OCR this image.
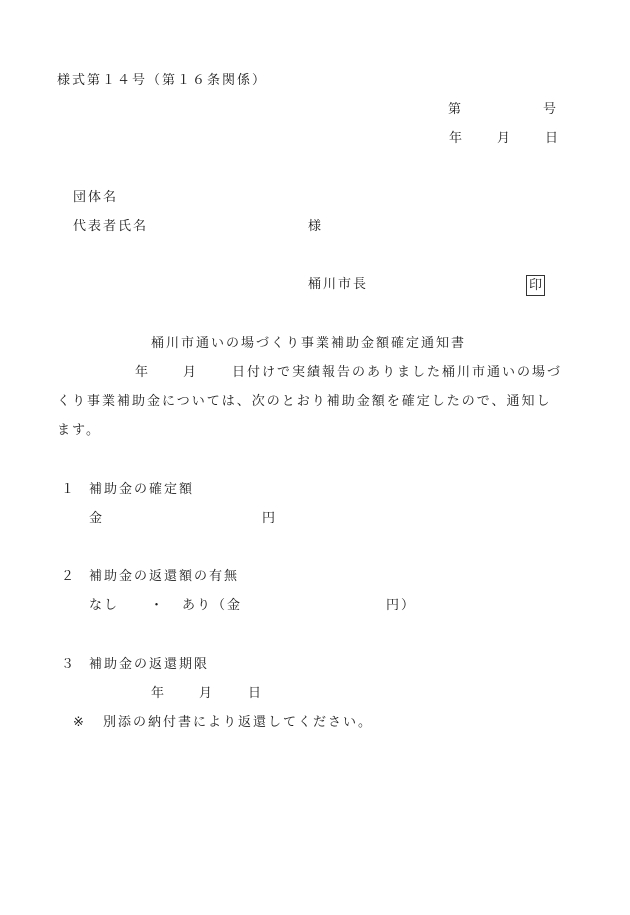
様式第１４号（第１６条関係）
第	号
年	月	日
団体名
代表者氏名	様
桶川市長	印
桶川市通いの場づくり事業補助金額確定通知書
年	月	日付けで実績報告のありました桶川市通いの場づ
くり事業補助金については、次のとおり補助金額を確定したので、通知し
ます。
１ 補助金の確定額
金	円
２ 補助金の返還額の有無
なし ・ あり（金	円）
３ 補助金の返還期限
年	月	日
※ 別添の納付書により返還してください。
